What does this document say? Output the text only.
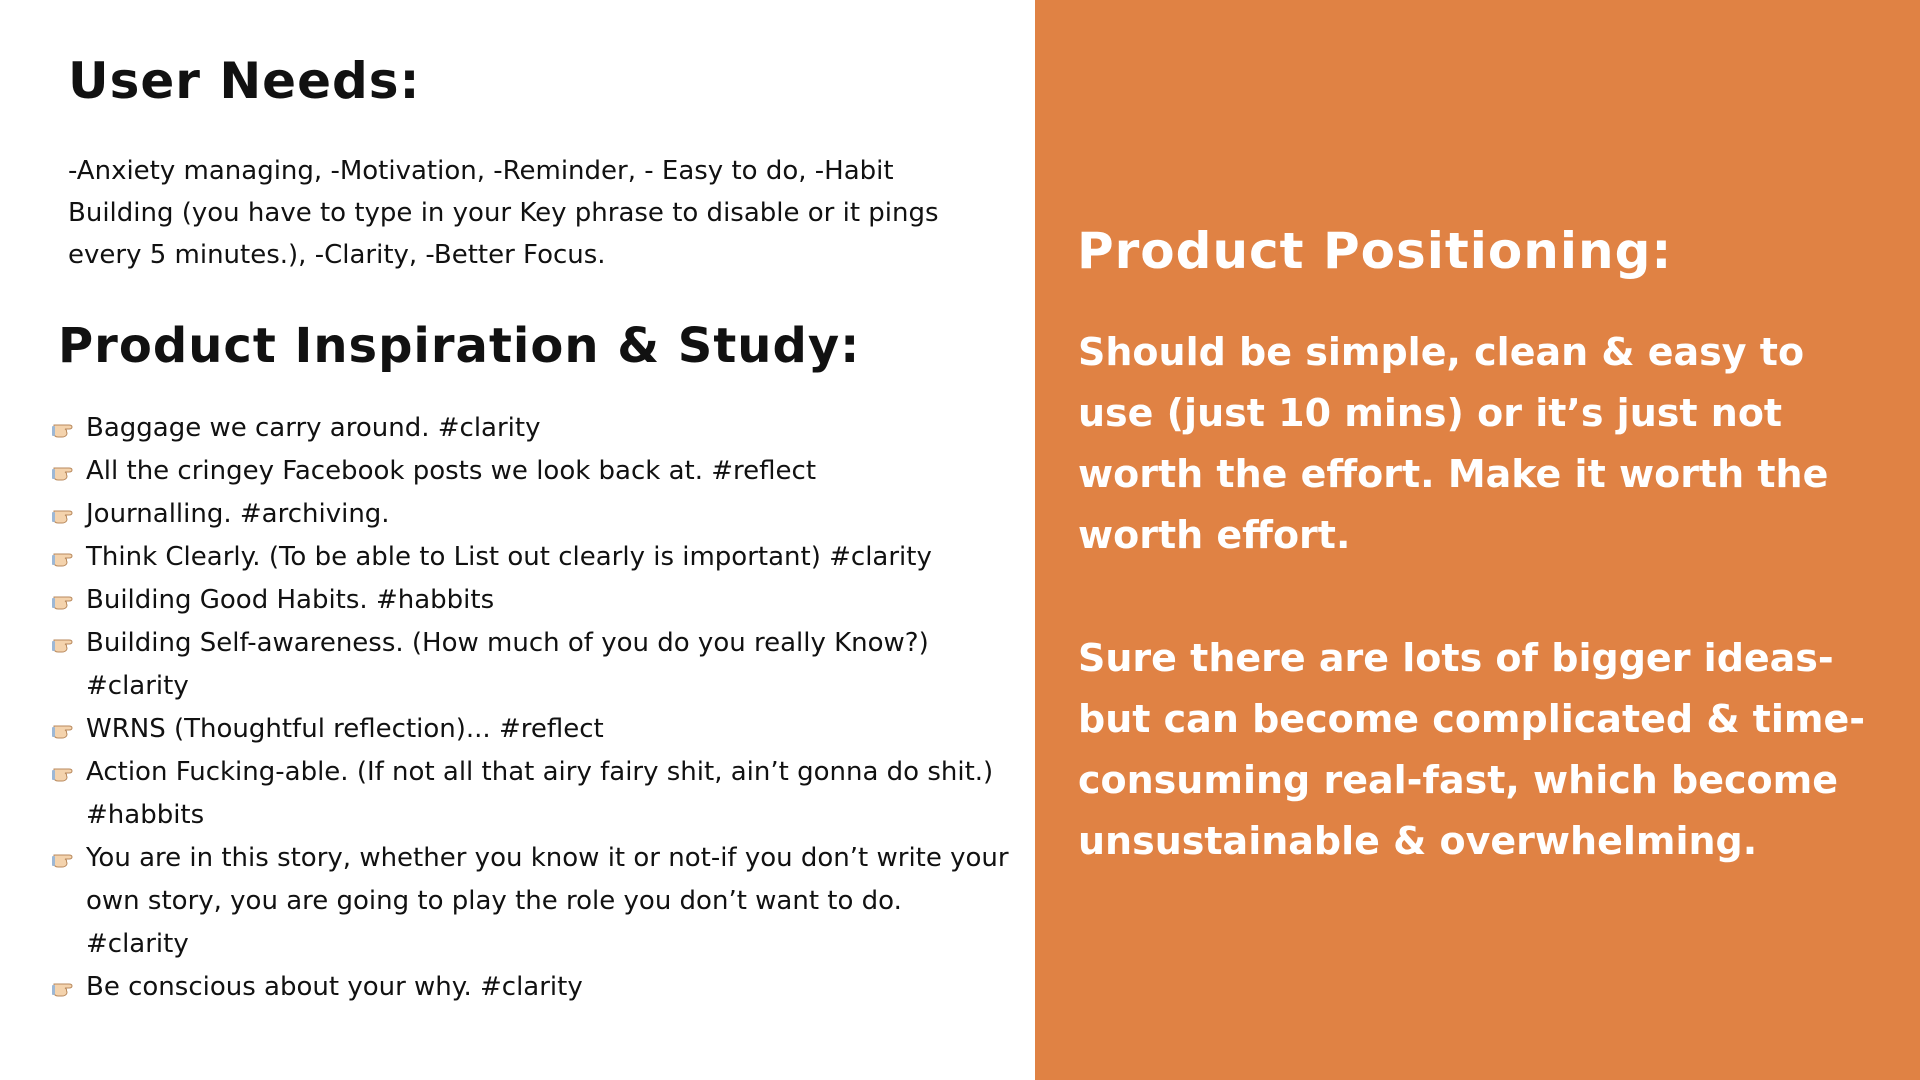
User Needs:

-Anxiety managing, -Motivation, -Reminder, - Easy to do, -Habit Building (you have to type in your Key phrase to disable or it pings every 5 minutes.), -Clarity, -Better Focus.

Product Inspiration & Study:
Baggage we carry around. #clarity
All the cringey Facebook posts we look back at. #reflect
Journalling. #archiving.
Think Clearly. (To be able to List out clearly is important) #clarity
Building Good Habits. #habbits
Building Self-awareness. (How much of you do you really Know?) #clarity
WRNS (Thoughtful reflection)... #reflect
Action Fucking-able. (If not all that airy fairy shit, ain’t gonna do shit.) #habbits
You are in this story, whether you know it or not-if you don’t write your own story, you are going to play the role you don’t want to do. #clarity
Be conscious about your why. #clarity
Product Positioning:

Should be simple, clean & easy to use (just 10 mins) or it’s just not worth the effort. Make it worth the worth effort.

Sure there are lots of bigger ideas- but can become complicated & time-consuming real-fast, which become unsustainable & overwhelming.
